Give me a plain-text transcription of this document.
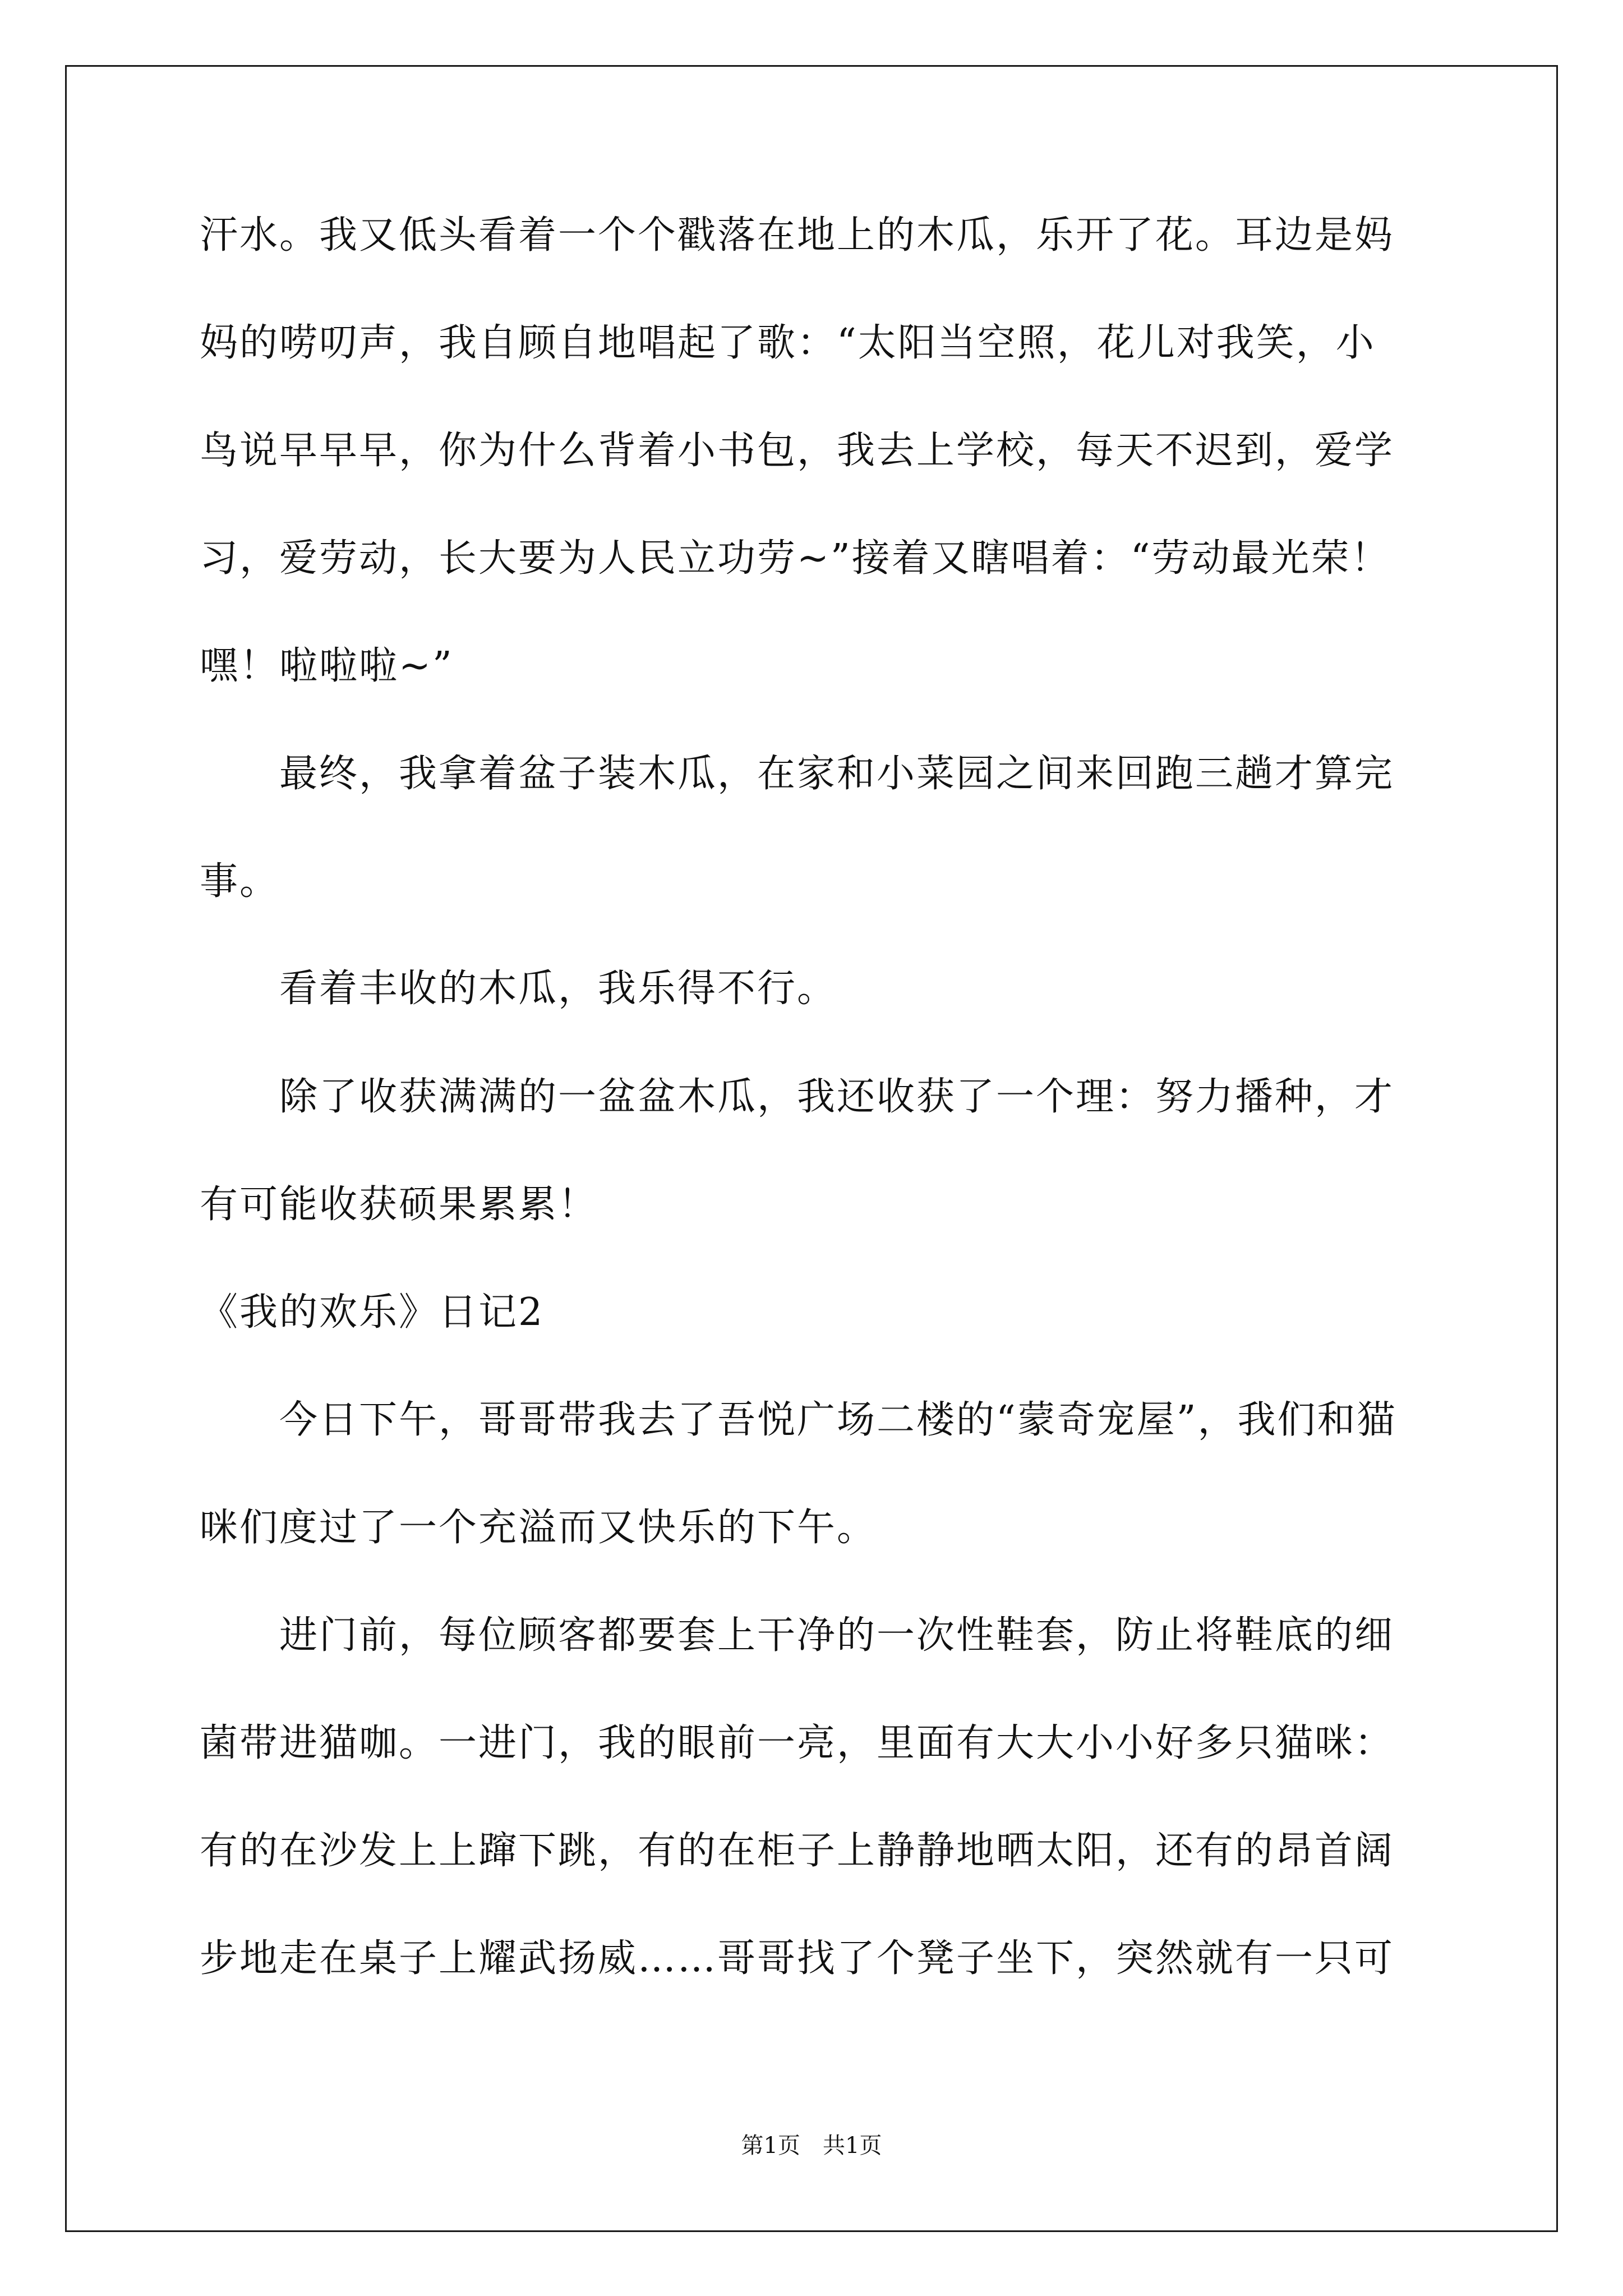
汗水。我又低头看着一个个戳落在地上的木瓜，乐开了花。耳边是妈
妈的唠叨声，我自顾自地唱起了歌：“太阳当空照，花儿对我笑，小
鸟说早早早，你为什么背着小书包，我去上学校，每天不迟到，爱学
习，爱劳动，长大要为人民立功劳~”接着又瞎唱着：“劳动最光荣！
嘿！啦啦啦~”
最终，我拿着盆子装木瓜，在家和小菜园之间来回跑三趟才算完
事。
看着丰收的木瓜，我乐得不行。
除了收获满满的一盆盆木瓜，我还收获了一个理：努力播种，才
有可能收获硕果累累！
《我的欢乐》日记2
今日下午，哥哥带我去了吾悦广场二楼的“蒙奇宠屋”，我们和猫
咪们度过了一个充溢而又快乐的下午。
进门前，每位顾客都要套上干净的一次性鞋套，防止将鞋底的细
菌带进猫咖。一进门，我的眼前一亮，里面有大大小小好多只猫咪：
有的在沙发上上蹿下跳，有的在柜子上静静地晒太阳，还有的昂首阔
步地走在桌子上耀武扬威……哥哥找了个凳子坐下，突然就有一只可
第1页　共1页
